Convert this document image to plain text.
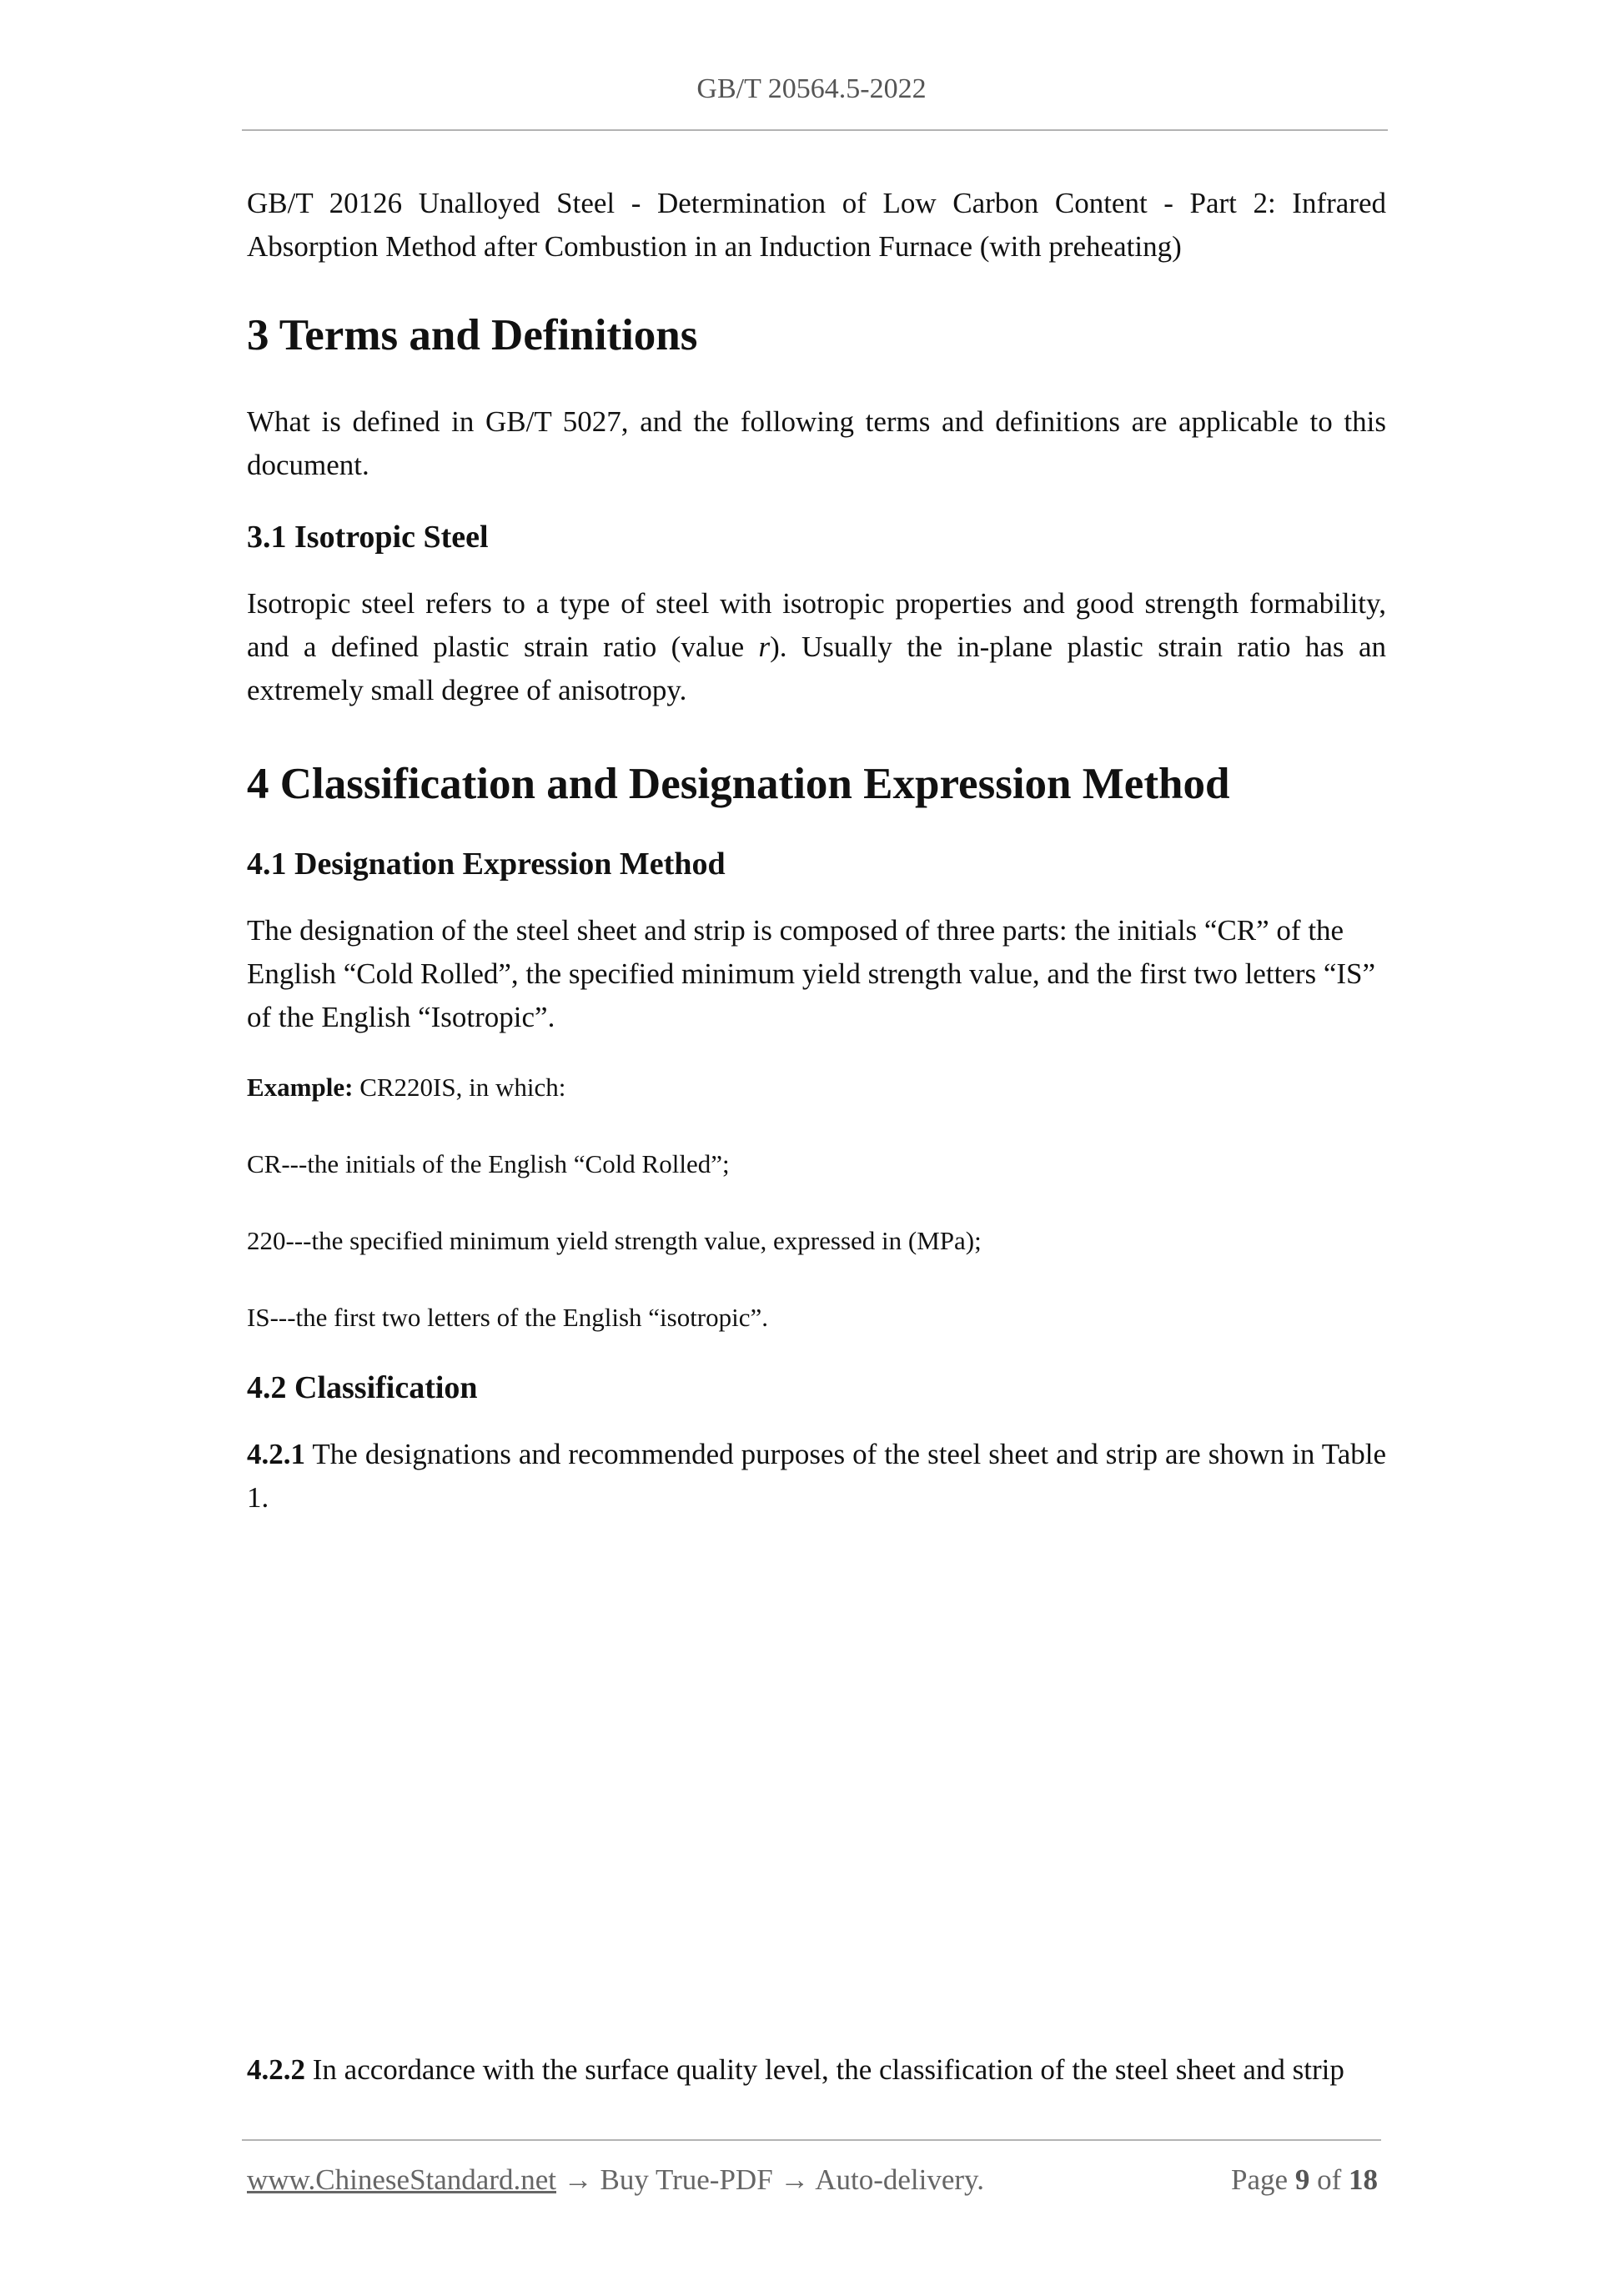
GB/T 20564.5-2022

GB/T 20126 Unalloyed Steel - Determination of Low Carbon Content - Part 2: Infrared Absorption Method after Combustion in an Induction Furnace (with preheating)

3 Terms and Definitions

What is defined in GB/T 5027, and the following terms and definitions are applicable to this document.

3.1 Isotropic Steel

Isotropic steel refers to a type of steel with isotropic properties and good strength formability, and a defined plastic strain ratio (value r). Usually the in-plane plastic strain ratio has an extremely small degree of anisotropy.

4 Classification and Designation Expression Method

4.1 Designation Expression Method

The designation of the steel sheet and strip is composed of three parts: the initials “CR” of the English “Cold Rolled”, the specified minimum yield strength value, and the first two letters “IS” of the English “Isotropic”.

Example: CR220IS, in which:

CR---the initials of the English “Cold Rolled”;

220---the specified minimum yield strength value, expressed in (MPa);

IS---the first two letters of the English “isotropic”.

4.2 Classification

4.2.1 The designations and recommended purposes of the steel sheet and strip are shown in Table 1.

4.2.2 In accordance with the surface quality level, the classification of the steel sheet and strip

www.ChineseStandard.net → Buy True-PDF → Auto-delivery.	Page 9 of 18
